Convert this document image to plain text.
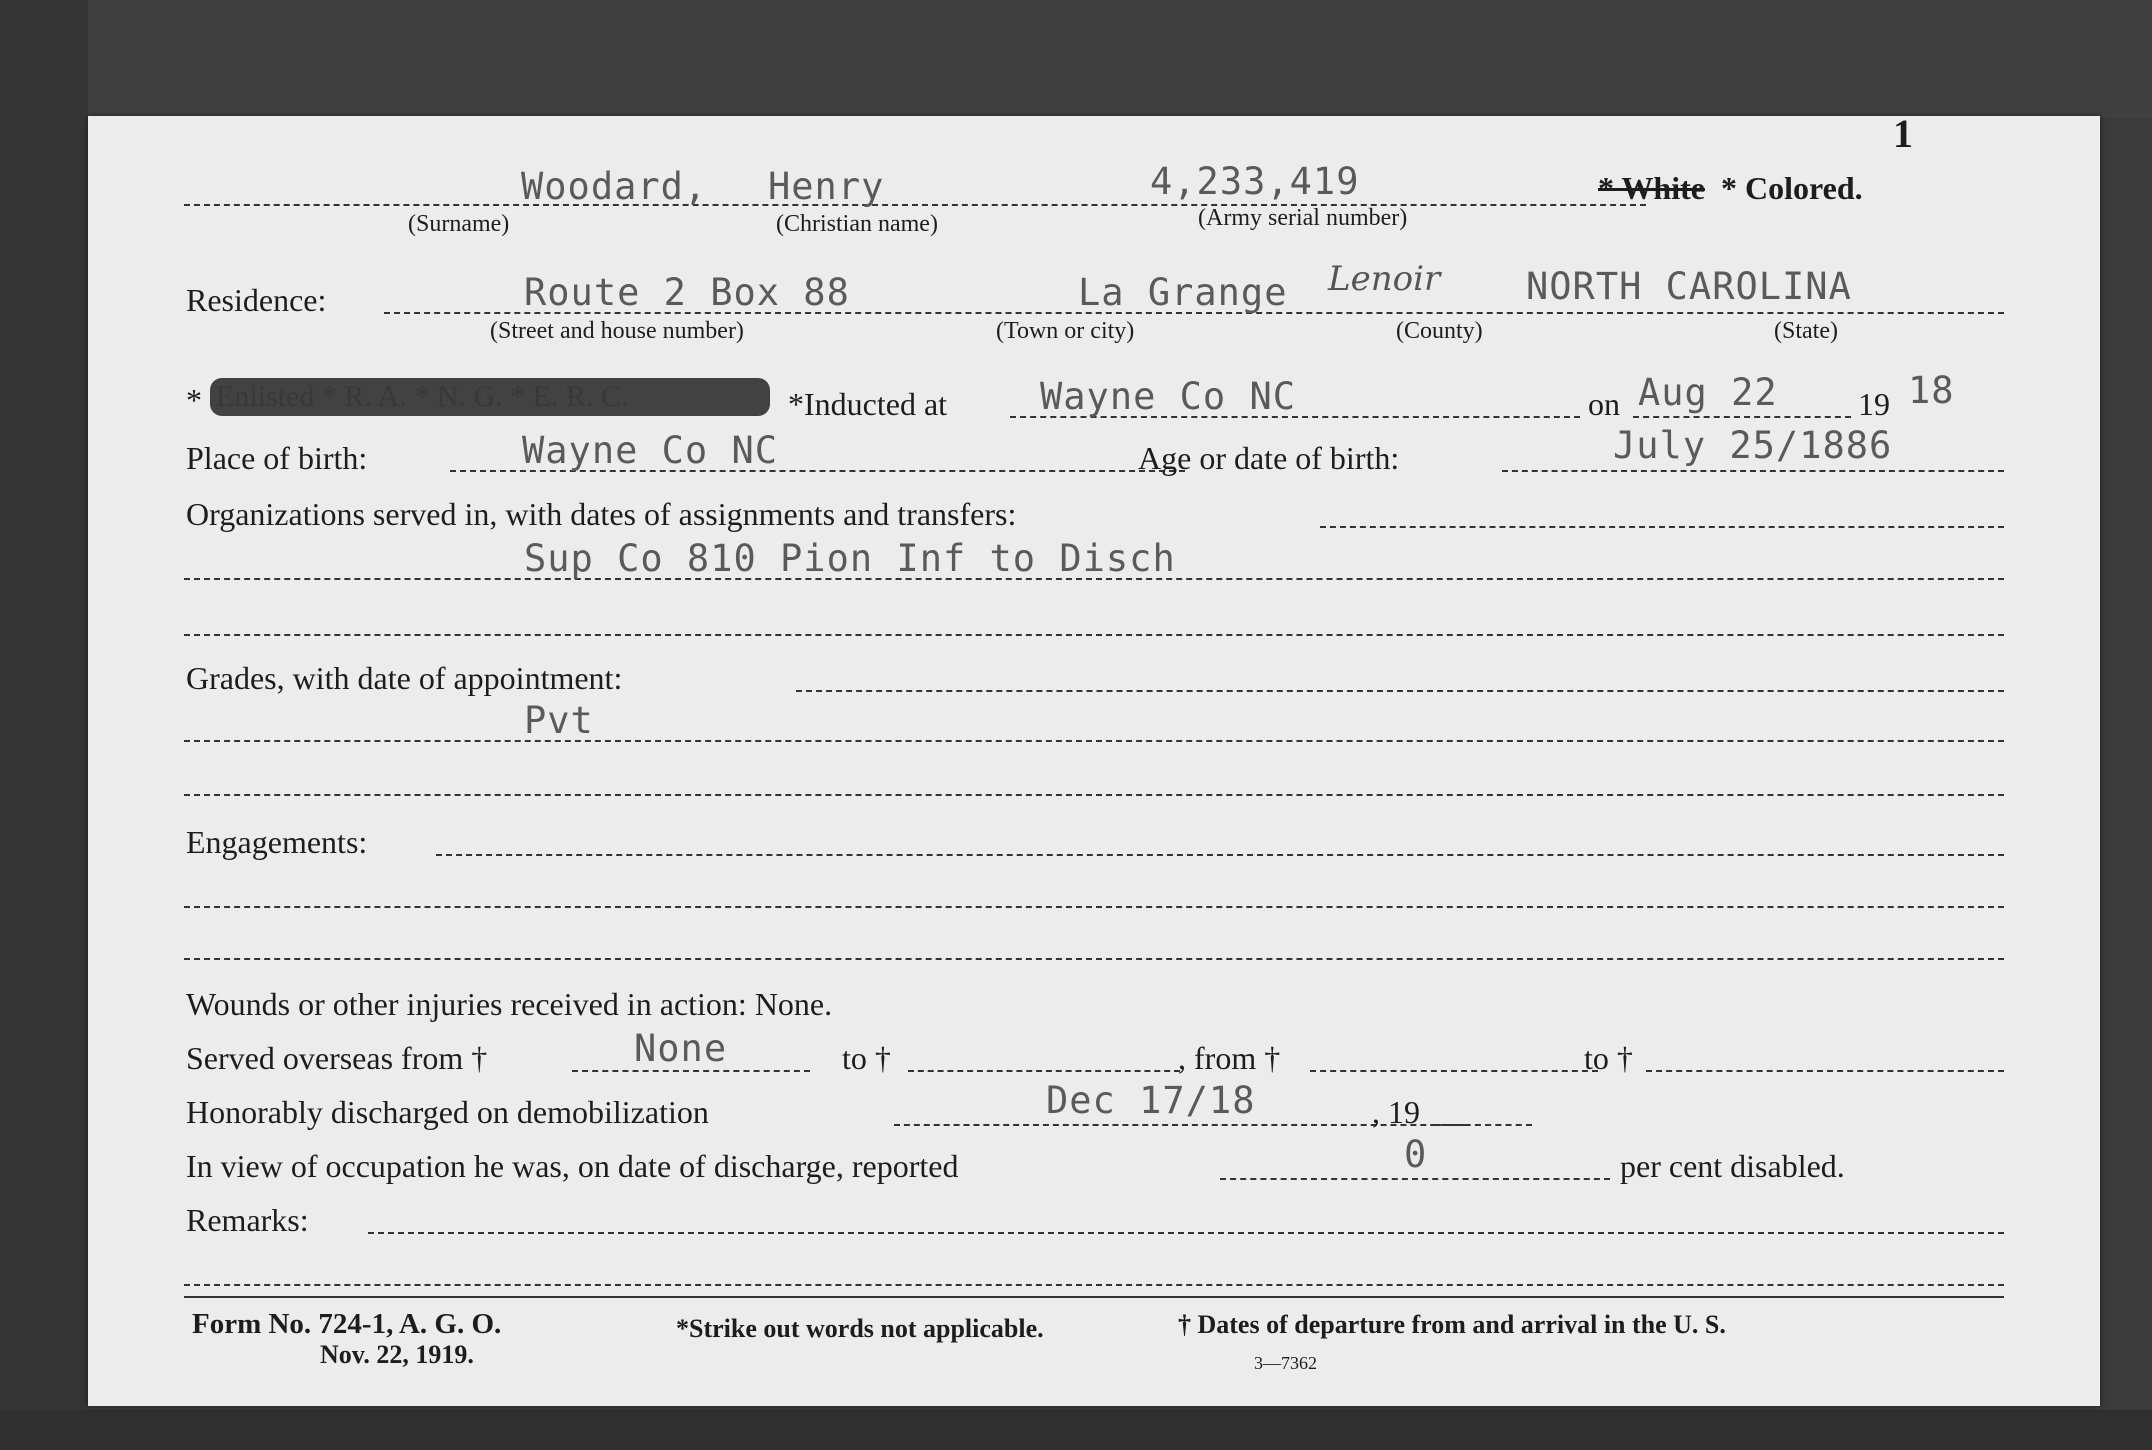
1
Woodard, Henry	4,233,419	* White * Colored.
(Surname)	(Christian name)	(Army serial number)
Residence:	Route 2 Box 88	La Grange Lenoir NORTH CAROLINA
(Street and house number)	(Town or city)	(County)	(State)
*	*Inducted at	Wayne Co NC	on Aug 22	19 18
Place of birth:	Wayne Co NC	Age or date of birth:	July 25/1886
Organizations served in, with dates of assignments and transfers:
Sup Co 810 Pion Inf to Disch
Grades, with date of appointment:
Pvt
Engagements:
Wounds or other injuries received in action: None.
Served overseas from †	None	to †	, from †	to †
Honorably discharged on demobilization	Dec 17/18	, 19
In view of occupation he was, on date of discharge, reported	0	per cent disabled.
Remarks:
Form No. 724-1, A. G. O.
Nov. 22, 1919.
*Strike out words not applicable.	† Dates of departure from and arrival in the U. S.
3—7362
